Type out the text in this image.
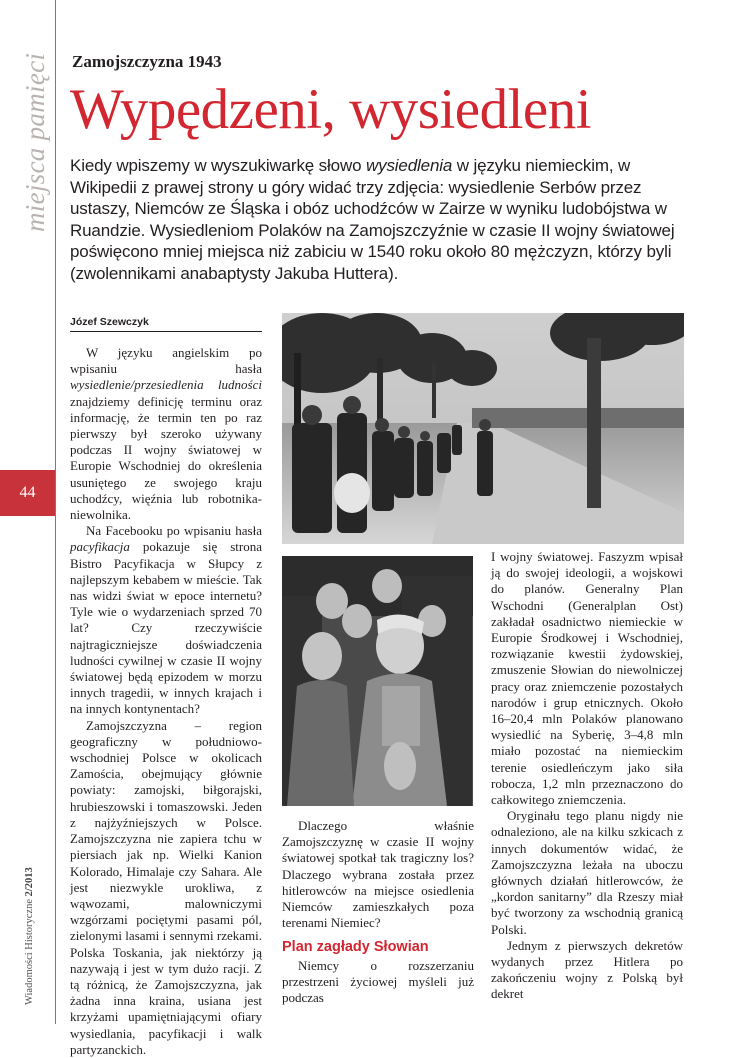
miejsca pamięci
44
Wiadomości Historyczne 2/2013
Zamojszczyzna 1943
Wypędzeni, wysiedleni
Kiedy wpiszemy w wyszukiwarkę słowo wysiedlenia w języku niemieckim, w Wikipedii z prawej strony u góry widać trzy zdjęcia: wysiedlenie Serbów przez ustaszy, Niemców ze Śląska i obóz uchodźców w Zairze w wyniku ludobójstwa w Ruandzie. Wysiedleniom Polaków na Zamojszczyźnie w czasie II wojny światowej poświęcono mniej miejsca niż zabiciu w 1540 roku około 80 mężczyzn, którzy byli (zwolennikami anabaptysty Jakuba Huttera).
Józef Szewczyk

W języku angielskim po wpisaniu hasła wysiedlenie/przesiedlenia ludności znajdziemy definicję terminu oraz informację, że termin ten po raz pierwszy był szeroko używany podczas II wojny światowej w Europie Wschodniej do określenia usuniętego ze swojego kraju uchodźcy, więźnia lub robotnika-niewolnika.

Na Facebooku po wpisaniu hasła pacyfikacja pokazuje się strona Bistro Pacyfikacja w Słupcy z najlepszym kebabem w mieście. Tak nas widzi świat w epoce internetu? Tyle wie o wydarzeniach sprzed 70 lat? Czy rzeczywiście najtragiczniejsze doświadczenia ludności cywilnej w czasie II wojny światowej będą epizodem w morzu innych tragedii, w innych krajach i na innych kontynentach?

Zamojszczyzna – region geograficzny w południowo-wschodniej Polsce w okolicach Zamościa, obejmujący głównie powiaty: zamojski, biłgorajski, hrubieszowski i tomaszowski. Jeden z najżyźniejszych w Polsce. Zamojszczyzna nie zapiera tchu w piersiach jak np. Wielki Kanion Kolorado, Himalaje czy Sahara. Ale jest niezwykle urokliwa, z wąwozami, malowniczymi wzgórzami pociętymi pasami pól, zielonymi lasami i sennymi rzekami. Polska Toskania, jak niektórzy ją nazywają i jest w tym dużo racji. Z tą różnicą, że Zamojszczyzna, jak żadna inna kraina, usiana jest krzyżami upamiętniającymi ofiary wysiedlania, pacyfikacji i walk partyzanckich.

Dlaczego właśnie Zamojszczyznę w czasie II wojny światowej spotkał tak tragiczny los? Dlaczego wybrana została przez hitlerowców na miejsce osiedlenia Niemców zamieszkałych poza terenami Niemiec?

Plan zagłady Słowian

Niemcy o rozszerzaniu przestrzeni życiowej myśleli już podczas

I wojny światowej. Faszyzm wpisał ją do swojej ideologii, a wojskowi do planów. Generalny Plan Wschodni (Generalplan Ost) zakładał osadnictwo niemieckie w Europie Środkowej i Wschodniej, rozwiązanie kwestii żydowskiej, zmuszenie Słowian do niewolniczej pracy oraz zniemczenie pozostałych narodów i grup etnicznych. Około 16–20,4 mln Polaków planowano wysiedlić na Syberię, 3–4,8 mln miało pozostać na niemieckim terenie osiedleńczym jako siła robocza, 1,2 mln przeznaczono do całkowitego zniemczenia.

Oryginału tego planu nigdy nie odnaleziono, ale na kilku szkicach z innych dokumentów widać, że Zamojszczyzna leżała na uboczu głównych działań hitlerowców, że „kordon sanitarny” dla Rzeszy miał być tworzony za wschodnią granicą Polski.

Jednym z pierwszych dekretów wydanych przez Hitlera po zakończeniu wojny z Polską był dekret
